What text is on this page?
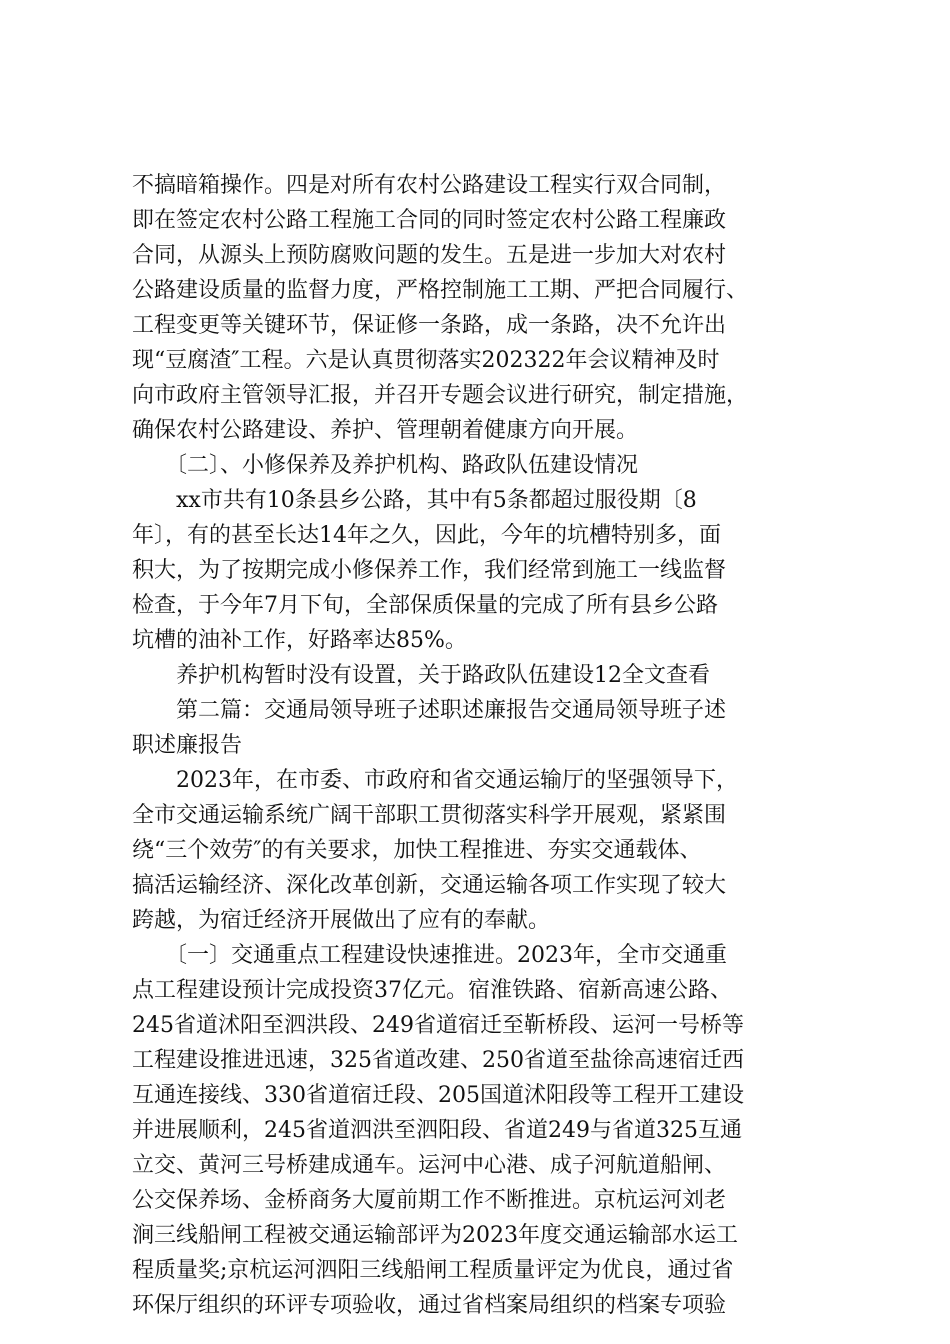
不搞暗箱操作。四是对所有农村公路建设工程实行双合同制，
即在签定农村公路工程施工合同的同时签定农村公路工程廉政
合同，从源头上预防腐败问题的发生。五是进一步加大对农村
公路建设质量的监督力度，严格控制施工工期、严把合同履行、
工程变更等关键环节，保证修一条路，成一条路，决不允许出
现“豆腐渣″工程。六是认真贯彻落实202322年会议精神及时
向市政府主管领导汇报，并召开专题会议进行研究，制定措施，
确保农村公路建设、养护、管理朝着健康方向开展。
　　〔二〕、小修保养及养护机构、路政队伍建设情况
　　xx市共有10条县乡公路，其中有5条都超过服役期〔8
年〕，有的甚至长达14年之久，因此，今年的坑槽特别多，面
积大，为了按期完成小修保养工作，我们经常到施工一线监督
检查，于今年7月下旬，全部保质保量的完成了所有县乡公路
坑槽的油补工作，好路率达85%。
　　养护机构暂时没有设置，关于路政队伍建设12全文查看
　　第二篇：交通局领导班子述职述廉报告交通局领导班子述
职述廉报告
　　2023年，在市委、市政府和省交通运输厅的坚强领导下，
全市交通运输系统广阔干部职工贯彻落实科学开展观，紧紧围
绕“三个效劳″的有关要求，加快工程推进、夯实交通载体、
搞活运输经济、深化改革创新，交通运输各项工作实现了较大
跨越，为宿迁经济开展做出了应有的奉献。
　　〔一〕交通重点工程建设快速推进。2023年，全市交通重
点工程建设预计完成投资37亿元。宿淮铁路、宿新高速公路、
245省道沭阳至泗洪段、249省道宿迁至靳桥段、运河一号桥等
工程建设推进迅速，325省道改建、250省道至盐徐高速宿迁西
互通连接线、330省道宿迁段、205国道沭阳段等工程开工建设
并进展顺利，245省道泗洪至泗阳段、省道249与省道325互通
立交、黄河三号桥建成通车。运河中心港、成子河航道船闸、
公交保养场、金桥商务大厦前期工作不断推进。京杭运河刘老
涧三线船闸工程被交通运输部评为2023年度交通运输部水运工
程质量奖;京杭运河泗阳三线船闸工程质量评定为优良，通过省
环保厅组织的环评专项验收，通过省档案局组织的档案专项验
